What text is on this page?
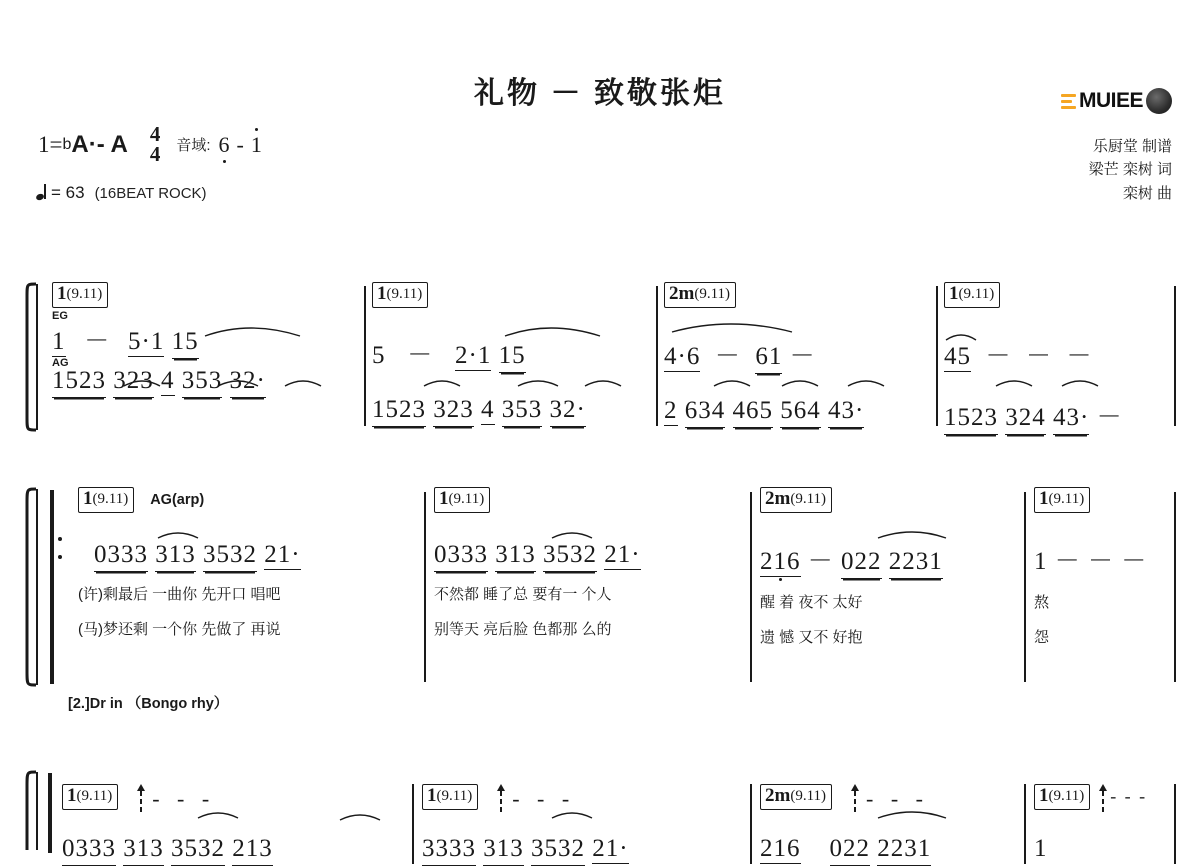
礼物 － 致敬张炬
1= b A·- A 4
4 音域: 6 - 1
= 63 (16BEAT ROCK)
MUIEE
乐厨堂 制谱
梁芒 栾树 词
栾树 曲
1 (9.11)
EG
1   －   5·1 15
AG
1523 323 4 353 32·
1 (9.11)
5   －   2·1 15
1523 323 4 353 32·
2m (9.11)
4·6  －  61 －
2 634 465 564 43·
1 (9.11)
45  －  －  －
1523 324 43· －
1 (9.11) AG(arp)
0333 313 3532 21·
(许)剩最后 一曲你 先开口 唱吧
(马)梦还剩 一个你 先做了 再说
1 (9.11)
0333 313 3532 21·
不然都 睡了总 要有一 个人
别等天 亮后脸 色都那 么的
2m (9.11)
216 － 022 2231
醒 着 夜不 太好
遗 憾 又不 好抱
1 (9.11)
1 － － －
熬
怨
[2.]Dr in （Bongo rhy）
1 (9.11) - - -
0333 313 3532 213
1 (9.11) - - -
3333 313 3532 21·
2m (9.11) - - -
216 022 2231
1 (9.11) - - -
1
